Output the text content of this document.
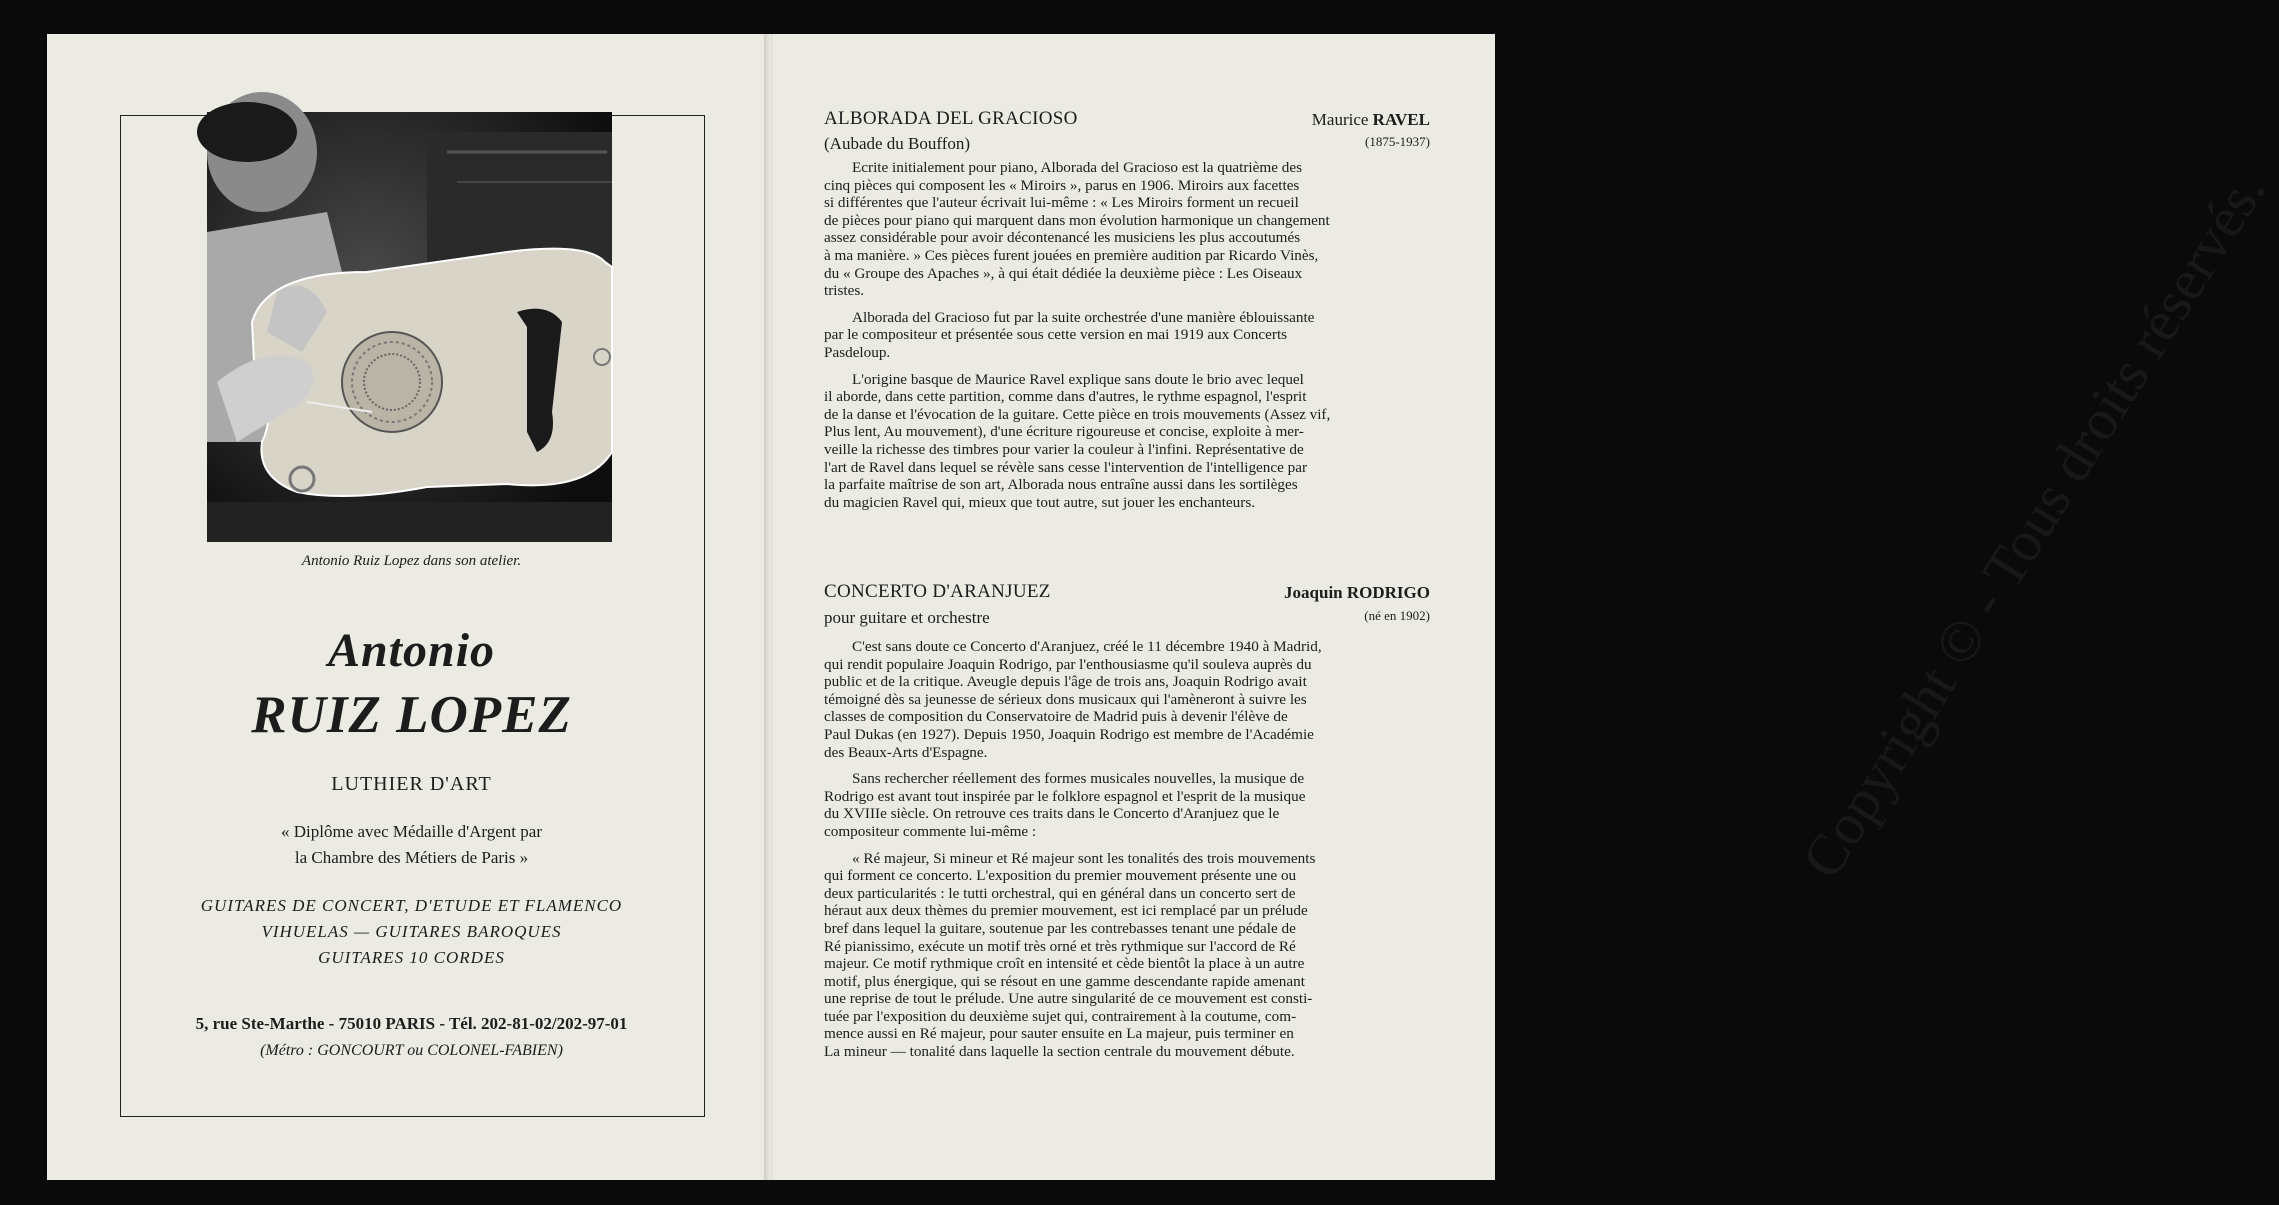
Antonio Ruiz Lopez dans son atelier.
Antonio
RUIZ LOPEZ
LUTHIER D'ART
« Diplôme avec Médaille d'Argent par
la Chambre des Métiers de Paris »
GUITARES DE CONCERT, D'ETUDE ET FLAMENCO
VIHUELAS — GUITARES BAROQUES
GUITARES 10 CORDES
5, rue Ste-Marthe - 75010 PARIS - Tél. 202-81-02/202-97-01
(Métro : GONCOURT ou COLONEL-FABIEN)
Copyright © - Tous droits réservés.
ALBORADA DEL GRACIOSO
(Aubade du Bouffon)
Maurice RAVEL
(1875-1937)

Ecrite initialement pour piano, Alborada del Gracioso est la quatrième des

cinq pièces qui composent les « Miroirs », parus en 1906. Miroirs aux facettes

si différentes que l'auteur écrivait lui-même : « Les Miroirs forment un recueil

de pièces pour piano qui marquent dans mon évolution harmonique un changement

assez considérable pour avoir décontenancé les musiciens les plus accoutumés

à ma manière. » Ces pièces furent jouées en première audition par Ricardo Vinès,

du « Groupe des Apaches », à qui était dédiée la deuxième pièce : Les Oiseaux

tristes.

Alborada del Gracioso fut par la suite orchestrée d'une manière éblouissante

par le compositeur et présentée sous cette version en mai 1919 aux Concerts

Pasdeloup.

L'origine basque de Maurice Ravel explique sans doute le brio avec lequel

il aborde, dans cette partition, comme dans d'autres, le rythme espagnol, l'esprit

de la danse et l'évocation de la guitare. Cette pièce en trois mouvements (Assez vif,

Plus lent, Au mouvement), d'une écriture rigoureuse et concise, exploite à mer-

veille la richesse des timbres pour varier la couleur à l'infini. Représentative de

l'art de Ravel dans lequel se révèle sans cesse l'intervention de l'intelligence par

la parfaite maîtrise de son art, Alborada nous entraîne aussi dans les sortilèges

du magicien Ravel qui, mieux que tout autre, sut jouer les enchanteurs.

CONCERTO D'ARANJUEZ
pour guitare et orchestre
Joaquin RODRIGO
(né en 1902)

C'est sans doute ce Concerto d'Aranjuez, créé le 11 décembre 1940 à Madrid,

qui rendit populaire Joaquin Rodrigo, par l'enthousiasme qu'il souleva auprès du

public et de la critique. Aveugle depuis l'âge de trois ans, Joaquin Rodrigo avait

témoigné dès sa jeunesse de sérieux dons musicaux qui l'amèneront à suivre les

classes de composition du Conservatoire de Madrid puis à devenir l'élève de

Paul Dukas (en 1927). Depuis 1950, Joaquin Rodrigo est membre de l'Académie

des Beaux-Arts d'Espagne.

Sans rechercher réellement des formes musicales nouvelles, la musique de

Rodrigo est avant tout inspirée par le folklore espagnol et l'esprit de la musique

du XVIIIe siècle. On retrouve ces traits dans le Concerto d'Aranjuez que le

compositeur commente lui-même :

« Ré majeur, Si mineur et Ré majeur sont les tonalités des trois mouvements

qui forment ce concerto. L'exposition du premier mouvement présente une ou

deux particularités : le tutti orchestral, qui en général dans un concerto sert de

héraut aux deux thèmes du premier mouvement, est ici remplacé par un prélude

bref dans lequel la guitare, soutenue par les contrebasses tenant une pédale de

Ré pianissimo, exécute un motif très orné et très rythmique sur l'accord de Ré

majeur. Ce motif rythmique croît en intensité et cède bientôt la place à un autre

motif, plus énergique, qui se résout en une gamme descendante rapide amenant

une reprise de tout le prélude. Une autre singularité de ce mouvement est consti-

tuée par l'exposition du deuxième sujet qui, contrairement à la coutume, com-

mence aussi en Ré majeur, pour sauter ensuite en La majeur, puis terminer en

La mineur — tonalité dans laquelle la section centrale du mouvement débute.
